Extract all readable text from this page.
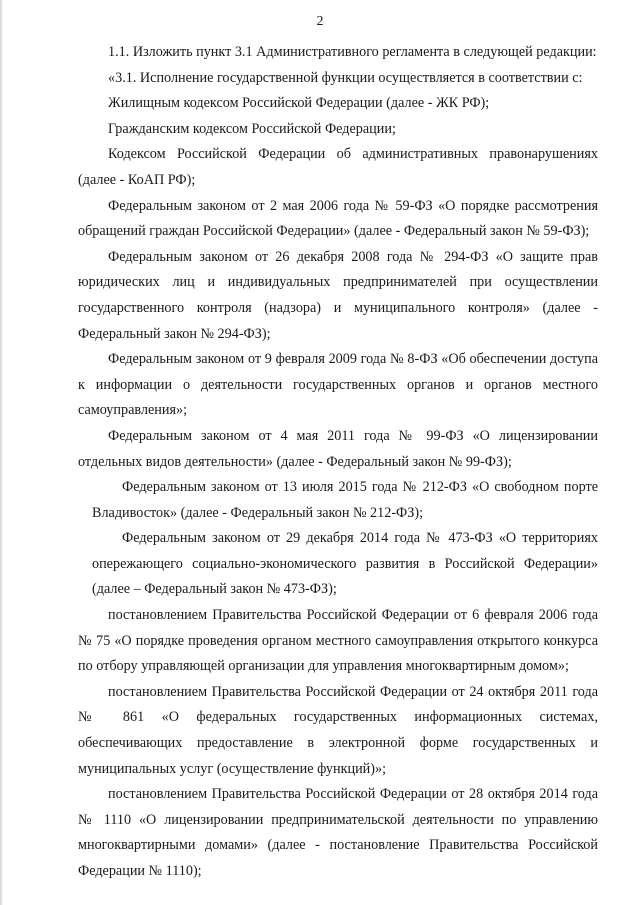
2

1.1. Изложить пункт 3.1 Административного регламента в следующей редакции:

«3.1. Исполнение государственной функции осуществляется в соответствии с:

Жилищным кодексом Российской Федерации (далее - ЖК РФ);

Гражданским кодексом Российской Федерации;

Кодексом Российской Федерации об административных правонарушениях (далее - КоАП РФ);

Федеральным законом от 2 мая 2006 года № 59-ФЗ «О порядке рассмотрения обращений граждан Российской Федерации» (далее - Федеральный закон № 59-ФЗ);

Федеральным законом от 26 декабря 2008 года № 294-ФЗ «О защите прав юридических лиц и индивидуальных предпринимателей при осуществлении государственного контроля (надзора) и муниципального контроля» (далее - Федеральный закон № 294-ФЗ);

Федеральным законом от 9 февраля 2009 года № 8-ФЗ «Об обеспечении доступа к информации о деятельности государственных органов и органов местного самоуправления»;

Федеральным законом от 4 мая 2011 года № 99-ФЗ «О лицензировании отдельных видов деятельности» (далее - Федеральный закон № 99-ФЗ);

Федеральным законом от 13 июля 2015 года № 212-ФЗ «О свободном порте Владивосток» (далее - Федеральный закон № 212-ФЗ);

Федеральным законом от 29 декабря 2014 года № 473-ФЗ «О территориях опережающего социально-экономического развития в Российской Федерации» (далее – Федеральный закон № 473-ФЗ);

постановлением Правительства Российской Федерации от 6 февраля 2006 года № 75 «О порядке проведения органом местного самоуправления открытого конкурса по отбору управляющей организации для управления многоквартирным домом»;

постановлением Правительства Российской Федерации от 24 октября 2011 года № 861 «О федеральных государственных информационных системах, обеспечивающих предоставление в электронной форме государственных и муниципальных услуг (осуществление функций)»;

постановлением Правительства Российской Федерации от 28 октября 2014 года № 1110 «О лицензировании предпринимательской деятельности по управлению многоквартирными домами» (далее - постановление Правительства Российской Федерации № 1110);
